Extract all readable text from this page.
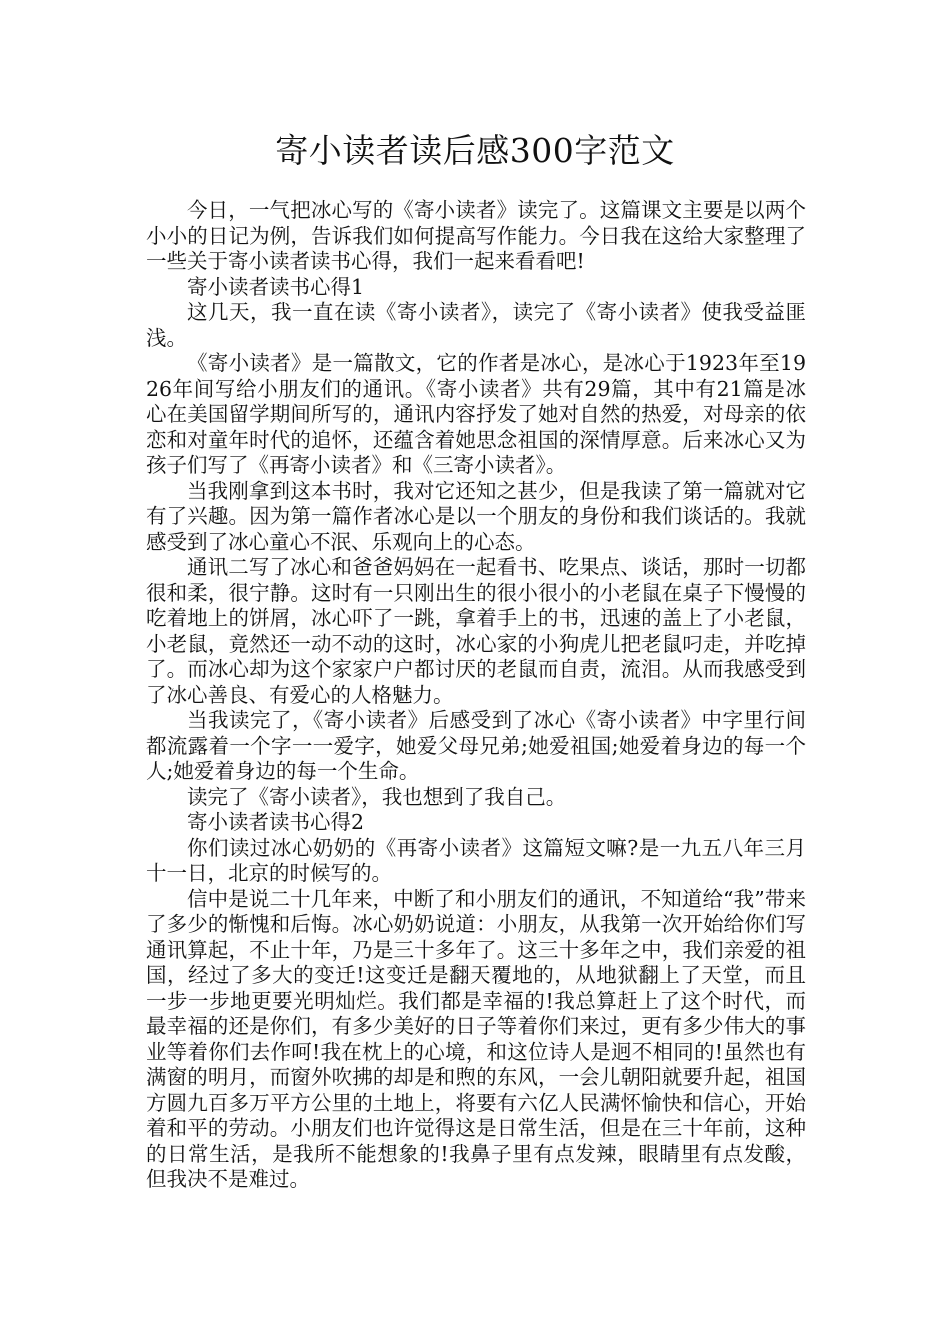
寄小读者读后感300字范文

今日，一气把冰心写的《寄小读者》读完了。这篇课文主要是以两个小小的日记为例，告诉我们如何提高写作能力。今日我在这给大家整理了一些关于寄小读者读书心得，我们一起来看看吧!

寄小读者读书心得1

这几天，我一直在读《寄小读者》，读完了《寄小读者》使我受益匪浅。

《寄小读者》是一篇散文，它的作者是冰心，是冰心于1923年至1926年间写给小朋友们的通讯。《寄小读者》共有29篇，其中有21篇是冰心在美国留学期间所写的，通讯内容抒发了她对自然的热爱，对母亲的依恋和对童年时代的追怀，还蕴含着她思念祖国的深情厚意。后来冰心又为孩子们写了《再寄小读者》和《三寄小读者》。

当我刚拿到这本书时，我对它还知之甚少，但是我读了第一篇就对它有了兴趣。因为第一篇作者冰心是以一个朋友的身份和我们谈话的。我就感受到了冰心童心不泯、乐观向上的心态。

通讯二写了冰心和爸爸妈妈在一起看书、吃果点、谈话，那时一切都很和柔，很宁静。这时有一只刚出生的很小很小的小老鼠在桌子下慢慢的吃着地上的饼屑，冰心吓了一跳，拿着手上的书，迅速的盖上了小老鼠，小老鼠，竟然还一动不动的这时，冰心家的小狗虎儿把老鼠叼走，并吃掉了。而冰心却为这个家家户户都讨厌的老鼠而自责，流泪。从而我感受到了冰心善良、有爱心的人格魅力。

当我读完了，《寄小读者》后感受到了冰心《寄小读者》中字里行间都流露着一个字一一爱字，她爱父母兄弟;她爱祖国;她爱着身边的每一个人;她爱着身边的每一个生命。

读完了《寄小读者》，我也想到了我自己。

寄小读者读书心得2

你们读过冰心奶奶的《再寄小读者》这篇短文嘛?是一九五八年三月十一日，北京的时候写的。

信中是说二十几年来，中断了和小朋友们的通讯，不知道给“我”带来了多少的惭愧和后悔。冰心奶奶说道：小朋友，从我第一次开始给你们写通讯算起，不止十年，乃是三十多年了。这三十多年之中，我们亲爱的祖国，经过了多大的变迁!这变迁是翻天覆地的，从地狱翻上了天堂，而且一步一步地更要光明灿烂。我们都是幸福的!我总算赶上了这个时代，而最幸福的还是你们，有多少美好的日子等着你们来过，更有多少伟大的事业等着你们去作呵!我在枕上的心境，和这位诗人是迥不相同的!虽然也有满窗的明月，而窗外吹拂的却是和煦的东风，一会儿朝阳就要升起，祖国方圆九百多万平方公里的土地上，将要有六亿人民满怀愉快和信心，开始着和平的劳动。小朋友们也许觉得这是日常生活，但是在三十年前，这种的日常生活，是我所不能想象的!我鼻子里有点发辣，眼睛里有点发酸，但我决不是难过。
